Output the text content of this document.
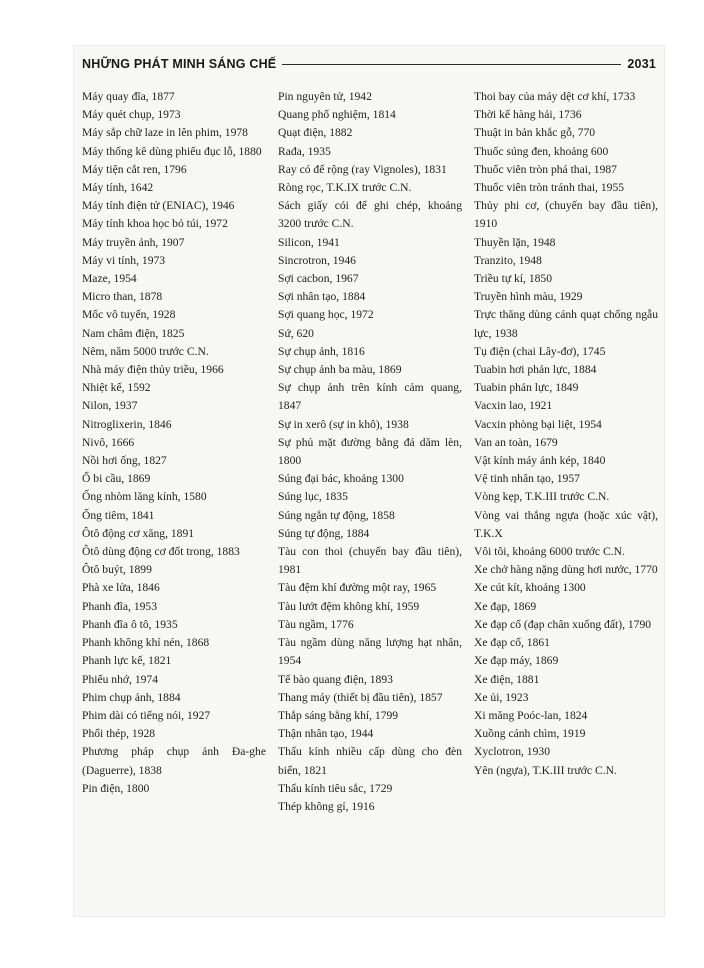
NHỮNG PHÁT MINH SÁNG CHẾ	2031

Máy quay đĩa, 1877

Máy quét chụp, 1973

Máy sắp chữ laze in lên phim, 1978

Máy thống kê dùng phiếu đục lỗ, 1880

Máy tiện cắt ren, 1796

Máy tính, 1642

Máy tính điện tử (ENIAC), 1946

Máy tính khoa học bỏ túi, 1972

Máy truyền ảnh, 1907

Máy vi tính, 1973

Maze, 1954

Micro than, 1878

Mốc vô tuyến, 1928

Nam châm điện, 1825

Nêm, năm 5000 trước C.N.

Nhà máy điện thủy triều, 1966

Nhiệt kế, 1592

Nilon, 1937

Nitroglixerin, 1846

Nivô, 1666

Nồi hơi ống, 1827

Ổ bi cầu, 1869

Ống nhòm lăng kính, 1580

Ống tiêm, 1841

Ôtô động cơ xăng, 1891

Ôtô dùng động cơ đốt trong, 1883

Ôtô buýt, 1899

Phà xe lửa, 1846

Phanh đĩa, 1953

Phanh đĩa ô tô, 1935

Phanh không khí nén, 1868

Phanh lực kế, 1821

Phiếu nhớ, 1974

Phim chụp ảnh, 1884

Phim dài có tiếng nói, 1927

Phổi thép, 1928

Phương pháp chụp ảnh Đa-ghe (Daguerre), 1838

Pin điện, 1800

Pin nguyên tử, 1942

Quang phổ nghiệm, 1814

Quạt điện, 1882

Rađa, 1935

Ray có đế rộng (ray Vignoles), 1831

Ròng rọc, T.K.IX trước C.N.

Sách giấy cói để ghi chép, khoảng 3200 trước C.N.

Silicon, 1941

Sincrotron, 1946

Sợi cacbon, 1967

Sợi nhân tạo, 1884

Sợi quang học, 1972

Sứ, 620

Sự chụp ảnh, 1816

Sự chụp ảnh ba màu, 1869

Sự chụp ảnh trên kính cảm quang, 1847

Sự in xerô (sự in khô), 1938

Sự phủ mặt đường bằng đá dăm lèn, 1800

Súng đại bác, khoảng 1300

Súng lục, 1835

Súng ngắn tự động, 1858

Súng tự động, 1884

Tàu con thoi (chuyến bay đầu tiên), 1981

Tàu đệm khí đường một ray, 1965

Tàu lướt đệm không khí, 1959

Tàu ngầm, 1776

Tàu ngầm dùng năng lượng hạt nhân, 1954

Tế bào quang điện, 1893

Thang máy (thiết bị đầu tiên), 1857

Thắp sáng bằng khí, 1799

Thận nhân tạo, 1944

Thấu kính nhiều cấp dùng cho đèn biển, 1821

Thấu kính tiêu sắc, 1729

Thép không gỉ, 1916

Thoi bay của máy dệt cơ khí, 1733

Thời kế hàng hải, 1736

Thuật in bản khắc gỗ, 770

Thuốc súng đen, khoảng 600

Thuốc viên tròn phá thai, 1987

Thuốc viên tròn tránh thai, 1955

Thủy phi cơ, (chuyến bay đầu tiên), 1910

Thuyền lặn, 1948

Tranzito, 1948

Triều tự kí, 1850

Truyền hình màu, 1929

Trực thăng dùng cánh quạt chống ngẫu lực, 1938

Tụ điện (chai Lây-đơ), 1745

Tuabin hơi phản lực, 1884

Tuabin phản lực, 1849

Vacxin lao, 1921

Vacxin phòng bại liệt, 1954

Van an toàn, 1679

Vật kính máy ảnh kép, 1840

Vệ tinh nhân tạo, 1957

Vòng kẹp, T.K.III trước C.N.

Vòng vai thắng ngựa (hoặc xúc vật), T.K.X

Vôi tôi, khoảng 6000 trước C.N.

Xe chở hàng nặng dùng hơi nước, 1770

Xe cút kít, khoảng 1300

Xe đạp, 1869

Xe đạp cổ (đạp chân xuống đất), 1790

Xe đạp cổ, 1861

Xe đạp máy, 1869

Xe điện, 1881

Xe ủi, 1923

Xi măng Poóc-lan, 1824

Xuồng cánh chìm, 1919

Xyclotron, 1930

Yên (ngựa), T.K.III trước C.N.
